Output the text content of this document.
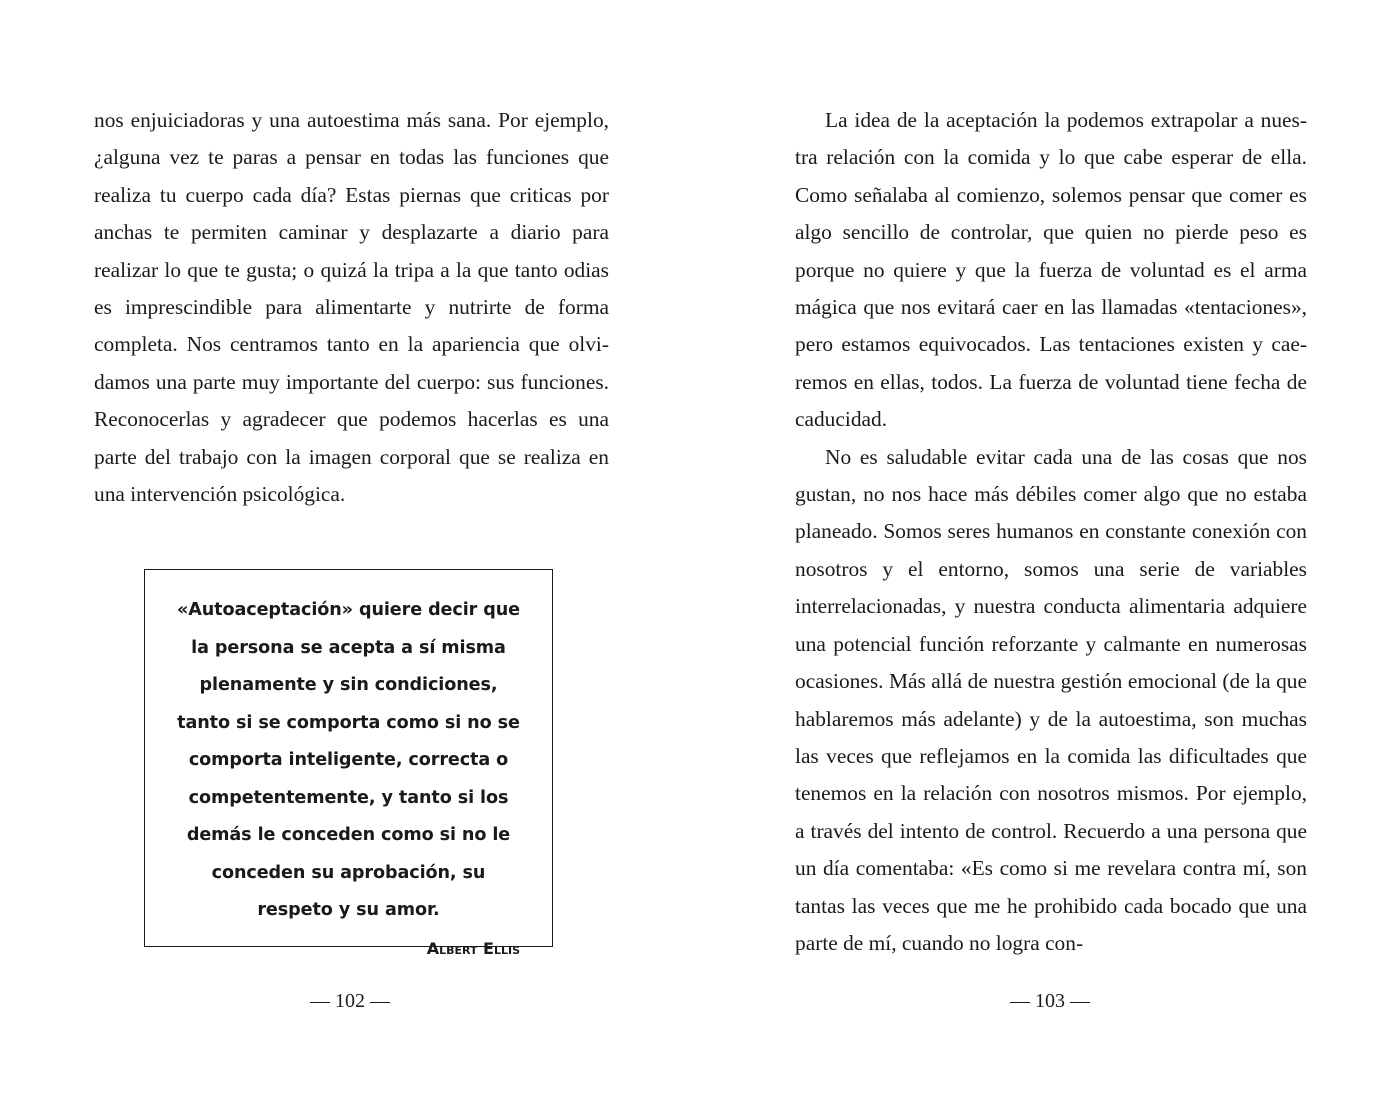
nos enjuiciadoras y una autoestima más sana. Por ejemplo, ¿alguna vez te paras a pensar en todas las funciones que realiza tu cuerpo cada día? Estas piernas que criticas por anchas te permiten caminar y desplazarte a diario para realizar lo que te gusta; o quizá la tripa a la que tanto odias es imprescindible para alimentarte y nutrirte de forma completa. Nos centramos tanto en la apariencia que olvidamos una parte muy importante del cuerpo: sus funciones. Reconocerlas y agradecer que podemos hacerlas es una parte del trabajo con la imagen corporal que se realiza en una intervención psicológica.

«Autoaceptación» quiere decir que la persona se acepta a sí misma plenamente y sin condiciones, tanto si se comporta como si no se comporta inteligente, correcta o competentemente, y tanto si los demás le conceden como si no le conceden su aprobación, su respeto y su amor.

Albert Ellis

— 102 —

La idea de la aceptación la podemos extrapolar a nuestra relación con la comida y lo que cabe esperar de ella. Como señalaba al comienzo, solemos pensar que comer es algo sencillo de controlar, que quien no pierde peso es porque no quiere y que la fuerza de voluntad es el arma mágica que nos evitará caer en las llamadas «tentaciones», pero estamos equivocados. Las tentaciones existen y caeremos en ellas, todos. La fuerza de voluntad tiene fecha de caducidad.

No es saludable evitar cada una de las cosas que nos gustan, no nos hace más débiles comer algo que no estaba planeado. Somos seres humanos en constante conexión con nosotros y el entorno, somos una serie de variables interrelacionadas, y nuestra conducta alimentaria adquiere una potencial función reforzante y calmante en numerosas ocasiones. Más allá de nuestra gestión emocional (de la que hablaremos más adelante) y de la autoestima, son muchas las veces que reflejamos en la comida las dificultades que tenemos en la relación con nosotros mismos. Por ejemplo, a través del intento de control. Recuerdo a una persona que un día comentaba: «Es como si me revelara contra mí, son tantas las veces que me he prohibido cada bocado que una parte de mí, cuando no logra con-

— 103 —
